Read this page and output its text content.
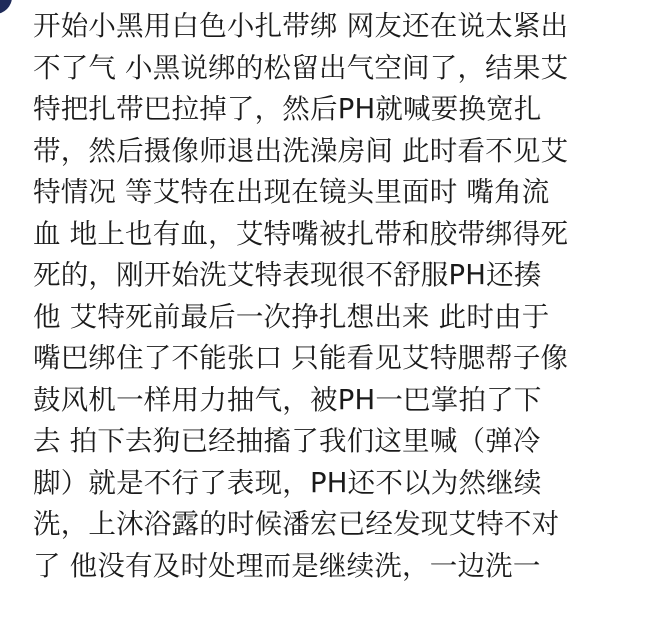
开始小黑用白色小扎带绑 网友还在说太紧出
不了气 小黑说绑的松留出气空间了，结果艾
特把扎带巴拉掉了，然后PH就喊要换宽扎
带，然后摄像师退出洗澡房间 此时看不见艾
特情况 等艾特在出现在镜头里面时 嘴角流
血 地上也有血，艾特嘴被扎带和胶带绑得死
死的，刚开始洗艾特表现很不舒服PH还揍
他 艾特死前最后一次挣扎想出来 此时由于
嘴巴绑住了不能张口 只能看见艾特腮帮子像
鼓风机一样用力抽气，被PH一巴掌拍了下
去 拍下去狗已经抽搐了我们这里喊（弹冷
脚）就是不行了表现，PH还不以为然继续
洗，上沐浴露的时候潘宏已经发现艾特不对
了 他没有及时处理而是继续洗，一边洗一
